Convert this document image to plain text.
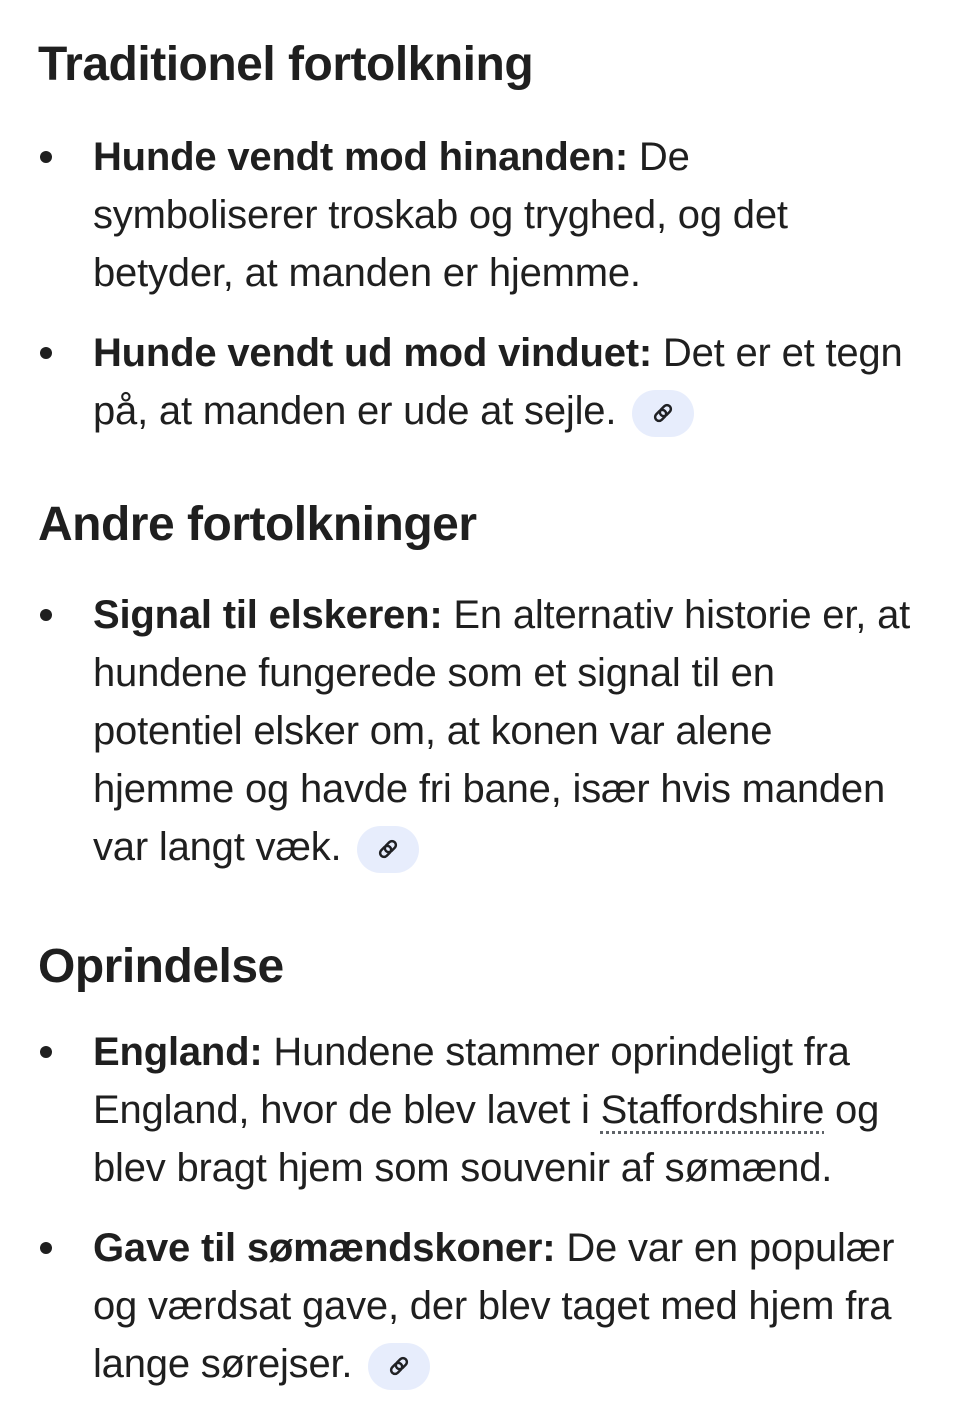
Traditionel fortolkning

Hunde vendt mod hinanden: De

symboliserer troskab og tryghed, og det

betyder, at manden er hjemme.

Hunde vendt ud mod vinduet: Det er et tegn

på, at manden er ude at sejle.

Andre fortolkninger

Signal til elskeren: En alternativ historie er, at

hundene fungerede som et signal til en

potentiel elsker om, at konen var alene

hjemme og havde fri bane, især hvis manden

var langt væk.

Oprindelse

England: Hundene stammer oprindeligt fra

England, hvor de blev lavet i Staffordshire og

blev bragt hjem som souvenir af sømænd.

Gave til sømændskoner: De var en populær

og værdsat gave, der blev taget med hjem fra

lange sørejser.
